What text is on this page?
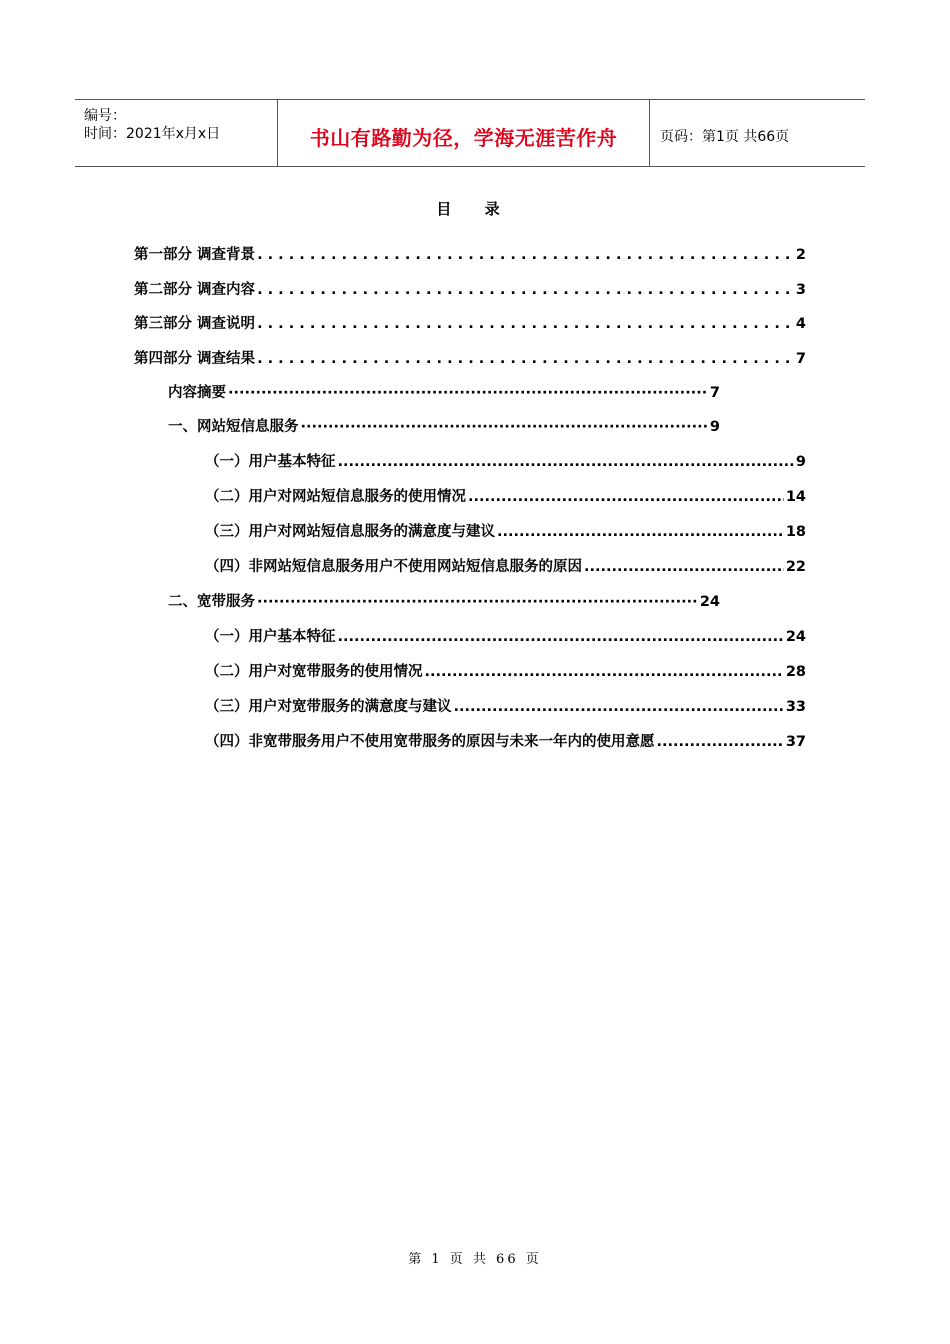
编号：
时间：2021年x月x日	书山有路勤为径，学海无涯苦作舟	页码：第1页 共66页
目 录
第一部分 调查背景 . . .	2
第二部分 调查内容 . . .	3
第三部分 调查说明 . . .	4
第四部分 调查结果 . . .	7
内容摘要 ·····	7
一、网站短信息服务 ·····	9
（一）用户基本特征 .....	9
（二）用户对网站短信息服务的使用情况 .....	14
（三）用户对网站短信息服务的满意度与建议 .....	18
（四）非网站短信息服务用户不使用网站短信息服务的原因 .....	22
二、宽带服务 ·····	24
（一）用户基本特征 .....	24
（二）用户对宽带服务的使用情况 .....	28
（三）用户对宽带服务的满意度与建议 .....	33
（四）非宽带服务用户不使用宽带服务的原因与未来一年内的使用意愿 .....	37
第 1 页 共 66 页
